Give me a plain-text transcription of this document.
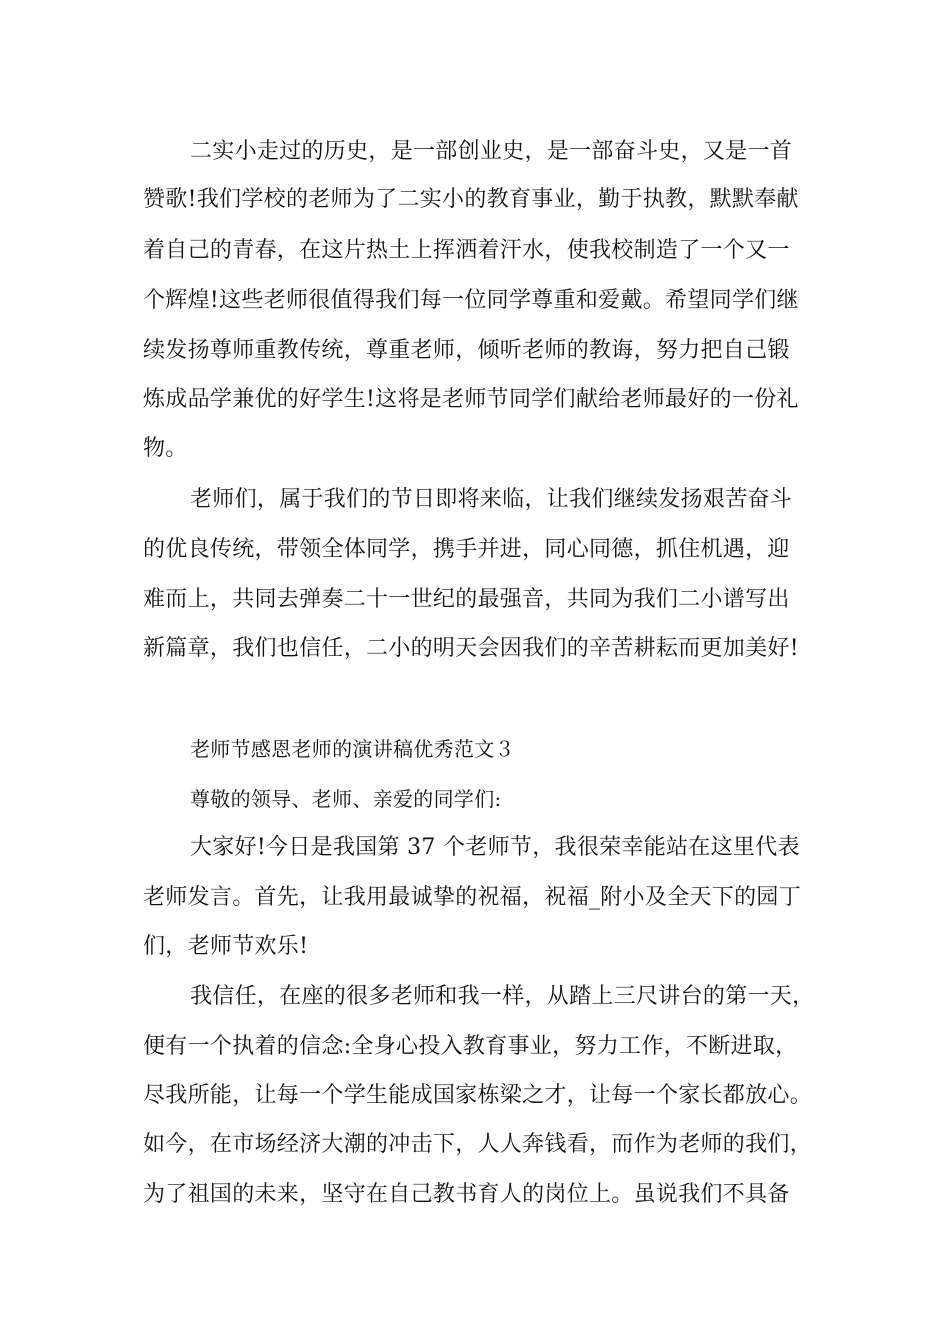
二实小走过的历史，是一部创业史，是一部奋斗史，又是一首
赞歌!我们学校的老师为了二实小的教育事业，勤于执教，默默奉献
着自己的青春，在这片热土上挥洒着汗水，使我校制造了一个又一
个辉煌!这些老师很值得我们每一位同学尊重和爱戴。希望同学们继
续发扬尊师重教传统，尊重老师，倾听老师的教诲，努力把自己锻
炼成品学兼优的好学生!这将是老师节同学们献给老师最好的一份礼
物。
老师们，属于我们的节日即将来临，让我们继续发扬艰苦奋斗
的优良传统，带领全体同学，携手并进，同心同德，抓住机遇，迎
难而上，共同去弹奏二十一世纪的最强音，共同为我们二小谱写出
新篇章，我们也信任，二小的明天会因我们的辛苦耕耘而更加美好!
老师节感恩老师的演讲稿优秀范文３
尊敬的领导、老师、亲爱的同学们:
大家好!今日是我国第 37 个老师节，我很荣幸能站在这里代表
老师发言。首先，让我用最诚挚的祝福，祝福_附小及全天下的园丁
们，老师节欢乐!
我信任，在座的很多老师和我一样，从踏上三尺讲台的第一天，
便有一个执着的信念:全身心投入教育事业，努力工作，不断进取，
尽我所能，让每一个学生能成国家栋梁之才，让每一个家长都放心。
如今，在市场经济大潮的冲击下，人人奔钱看，而作为老师的我们，
为了祖国的未来，坚守在自己教书育人的岗位上。虽说我们不具备
